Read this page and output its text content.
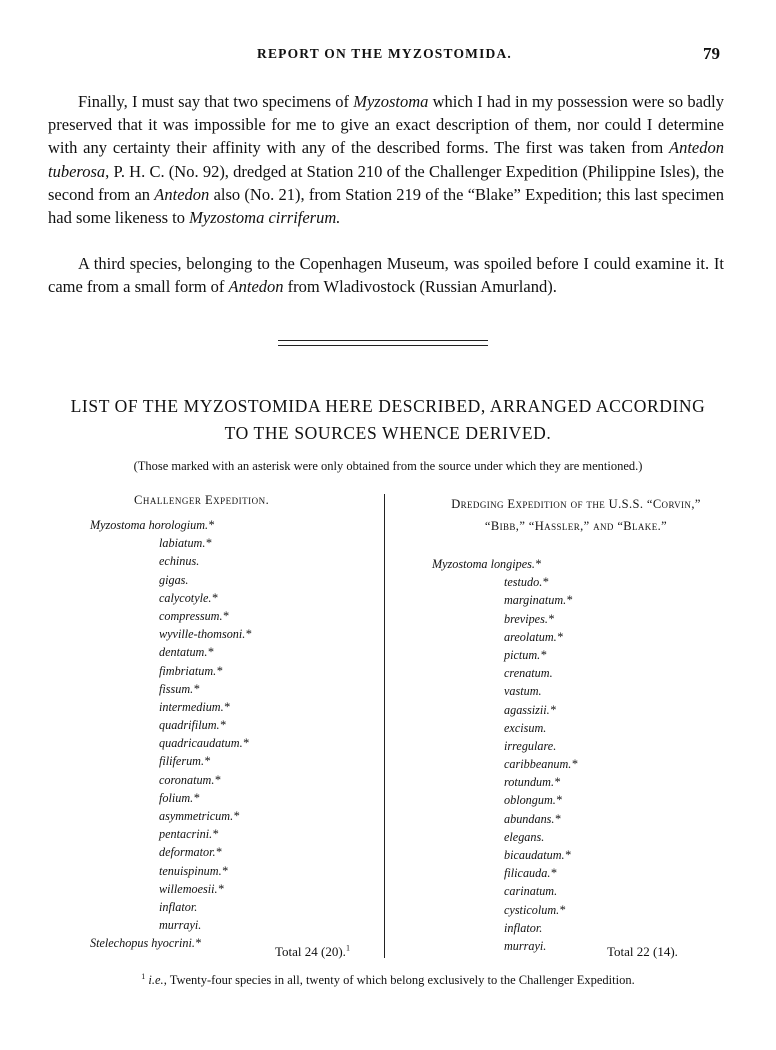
REPORT ON THE MYZOSTOMIDA.	79

Finally, I must say that two specimens of Myzostoma which I had in my possession were so badly preserved that it was impossible for me to give an exact description of them, nor could I determine with any certainty their affinity with any of the described forms. The first was taken from Antedon tuberosa, P. H. C. (No. 92), dredged at Station 210 of the Challenger Expedition (Philippine Isles), the second from an Antedon also (No. 21), from Station 219 of the “Blake” Expedition; this last specimen had some likeness to Myzostoma cirriferum.

A third species, belonging to the Copenhagen Museum, was spoiled before I could examine it. It came from a small form of Antedon from Wladivostock (Russian Amurland).

LIST OF THE MYZOSTOMIDA HERE DESCRIBED, ARRANGED ACCORDING
TO THE SOURCES WHENCE DERIVED.
(Those marked with an asterisk were only obtained from the source under which they are mentioned.)
Challenger Expedition.	Dredging Expedition of the U.S.S. “Corvin,”
“Bibb,” “Hassler,” and “Blake.”
Myzostoma horologium.*
labiatum.*
echinus.
gigas.
calycotyle.*
compressum.*
wyville-thomsoni.*
dentatum.*
fimbriatum.*
fissum.*
intermedium.*
quadrifilum.*
quadricaudatum.*
filiferum.*
coronatum.*
folium.*
asymmetricum.*
pentacrini.*
deformator.*
tenuispinum.*
willemoesii.*
inflator.
murrayi.
Stelechopus hyocrini.*
Myzostoma longipes.*
testudo.*
marginatum.*
brevipes.*
areolatum.*
pictum.*
crenatum.
vastum.
agassizii.*
excisum.
irregulare.
caribbeanum.*
rotundum.*
oblongum.*
abundans.*
elegans.
bicaudatum.*
filicauda.*
carinatum.
cysticolum.*
inflator.
murrayi.
Total 24 (20).$^1$	Total 22 (14).
$^1$ i.e., Twenty-four species in all, twenty of which belong exclusively to the Challenger Expedition.
